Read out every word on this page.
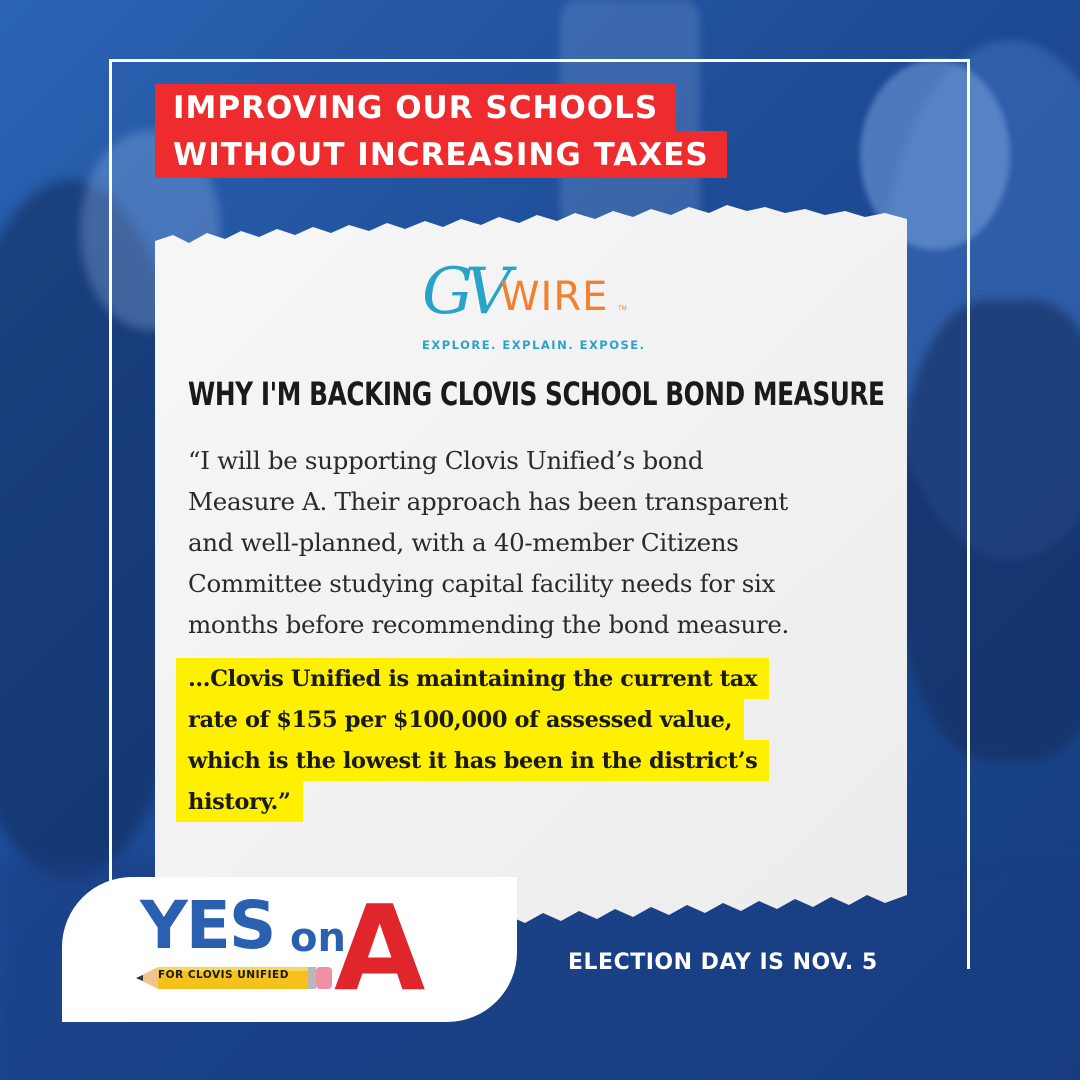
IMPROVING OUR SCHOOLS
WITHOUT INCREASING TAXES
GV
WIRE TM
EXPLORE. EXPLAIN. EXPOSE.
WHY I'M BACKING CLOVIS SCHOOL BOND MEASURE
“I will be supporting Clovis Unified’s bond
Measure A. Their approach has been transparent
and well-planned, with a 40-member Citizens
Committee studying capital facility needs for six
months before recommending the bond measure.
…Clovis Unified is maintaining the current tax
rate of $155 per $100,000 of assessed value,
which is the lowest it has been in the district’s
history.”
YES on
A
FOR CLOVIS UNIFIED	ELECTION DAY IS NOV. 5
